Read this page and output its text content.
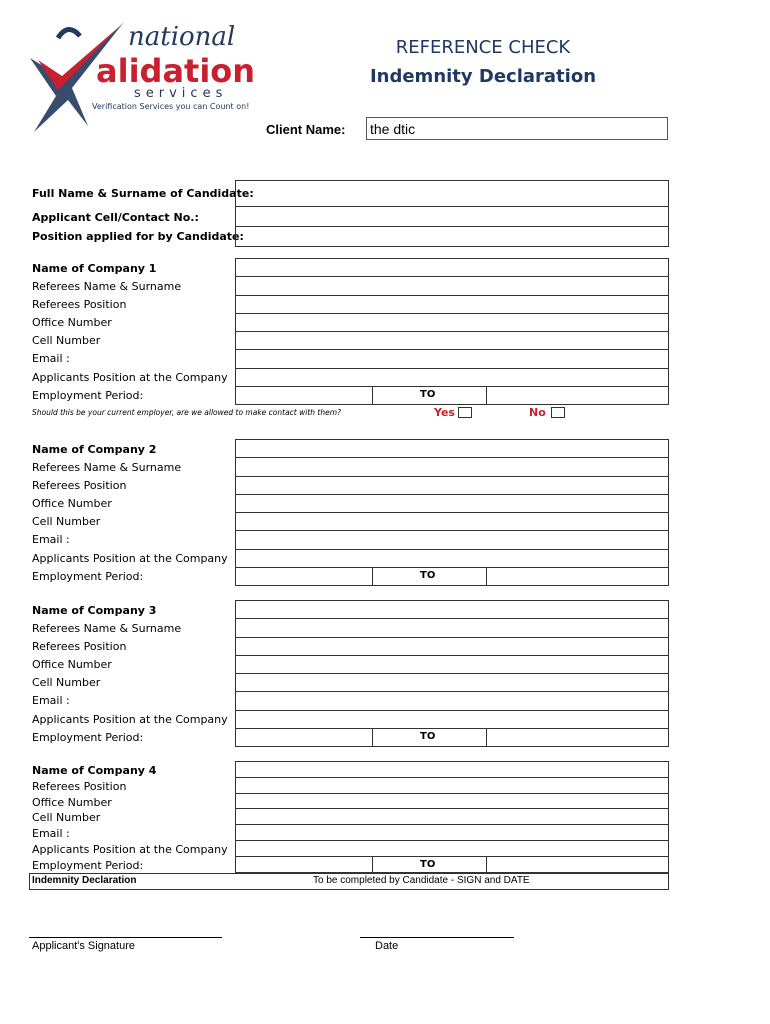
national
alidation
services
Verification Services you can Count on!
REFERENCE CHECK
Indemnity Declaration
Client Name: the dtic
Full Name & Surname of Candidate:
Applicant Cell/Contact No.:
Position applied for by Candidate:
Name of Company 1
Referees Name & Surname
Referees Position
Office Number
Cell Number
Email :
Applicants Position at the Company
Employment Period:	TO
Should this be your current employer, are we allowed to make contact with them?	Yes	No
Name of Company 2
Referees Name & Surname
Referees Position
Office Number
Cell Number
Email :
Applicants Position at the Company
Employment Period:	TO
Name of Company 3
Referees Name & Surname
Referees Position
Office Number
Cell Number
Email :
Applicants Position at the Company
Employment Period:	TO
Name of Company 4
Referees Position
Office Number
Cell Number
Email :
Applicants Position at the Company
Employment Period:	TO
Indemnity Declaration	To be completed by Candidate - SIGN and DATE
Applicant's Signature	Date
